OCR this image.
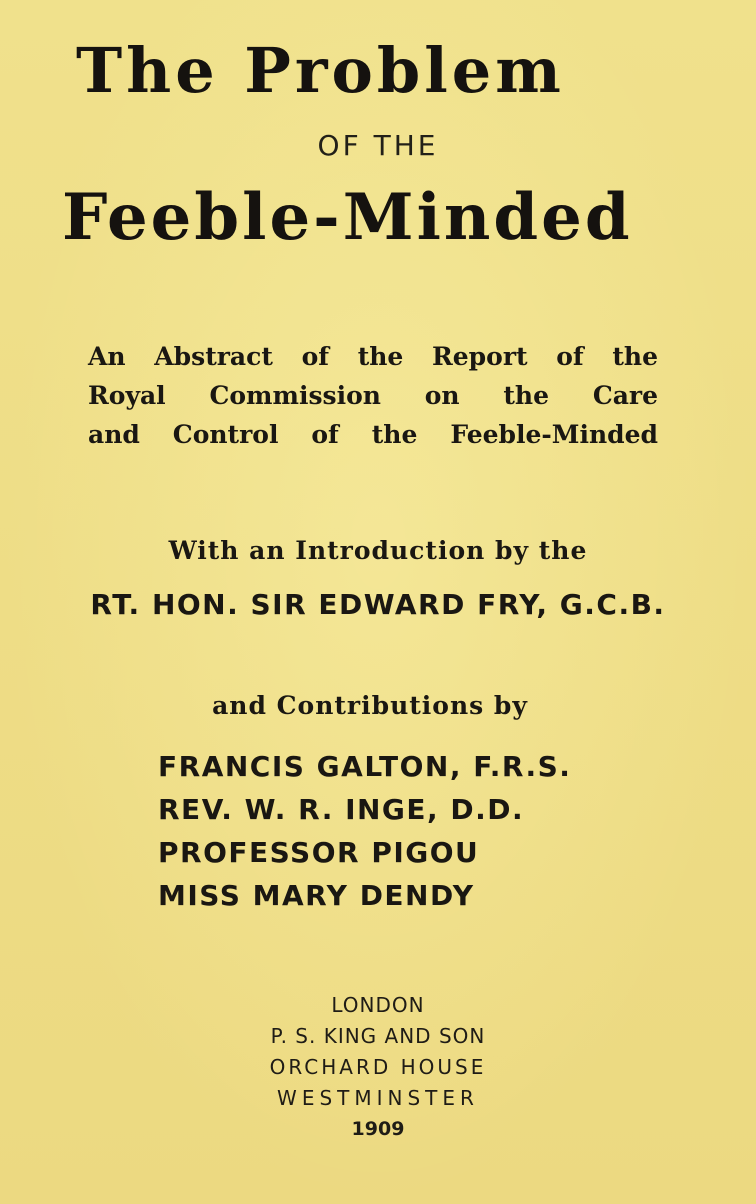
The Problem
OF THE
Feeble-Minded
An Abstract of the Report of the
Royal Commission on the Care
and Control of the Feeble-Minded
With an Introduction by the
RT. HON. SIR EDWARD FRY, G.C.B.
and Contributions by
FRANCIS GALTON, F.R.S.
REV. W. R. INGE, D.D.
PROFESSOR PIGOU
MISS MARY DENDY
LONDON
P. S. KING AND SON
ORCHARD HOUSE
WESTMINSTER
1909
